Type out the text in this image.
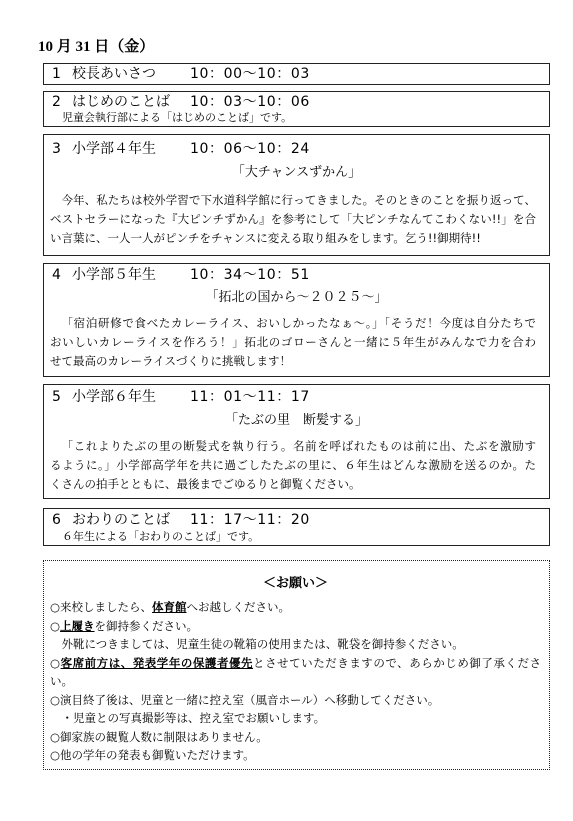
10 月 31 日（金）
1 校長あいさつ	10：00〜10：03
2 はじめのことば	10：03〜10：06
児童会執行部による「はじめのことば」です。
3 小学部４年生	10：06〜10：24
「大チャンスずかん」
今年、私たちは校外学習で下水道科学館に行ってきました。そのときのことを振り返って、
ベストセラーになった『大ピンチずかん』を参考にして「大ピンチなんてこわくない!!」を合
い言葉に、一人一人がピンチをチャンスに変える取り組みをします。乞う!!御期待!!
4 小学部５年生	10：34〜10：51
「拓北の国から〜２０２５〜」
「宿泊研修で食べたカレーライス、おいしかったなぁ〜。」「そうだ！今度は自分たちで
おいしいカレーライスを作ろう！」拓北のゴローさんと一緒に５年生がみんなで力を合わ
せて最高のカレーライスづくりに挑戦します！
5 小学部６年生	11：01〜11：17
「たぶの里　断髪する」
「これよりたぶの里の断髪式を執り行う。名前を呼ばれたものは前に出、たぶを激励す
るように。」小学部高学年を共に過ごしたたぶの里に、６年生はどんな激励を送るのか。た
くさんの拍手とともに、最後までごゆるりと御覧ください。
6 おわりのことば	11：17〜11：20
６年生による「おわりのことば」です。
＜お願い＞
○来校しましたら、体育館へお越しください。
○上履きを御持参ください。
外靴につきましては、児童生徒の靴箱の使用または、靴袋を御持参ください。
○客席前方は、発表学年の保護者優先とさせていただきますので、あらかじめ御了承ください。
○演目終了後は、児童と一緒に控え室（風音ホール）へ移動してください。
・児童との写真撮影等は、控え室でお願いします。
○御家族の観覧人数に制限はありません。
○他の学年の発表も御覧いただけます。
